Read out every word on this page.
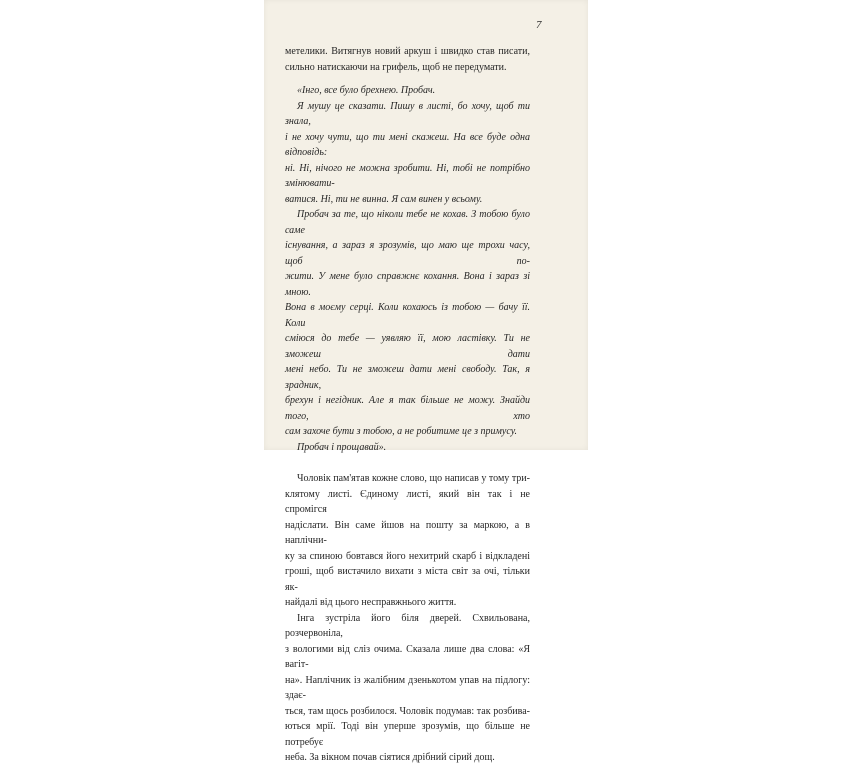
7
метелики. Витягнув новий аркуш і швидко став писати,
сильно натискаючи на грифель, щоб не передумати.
«Інго, все було брехнею. Пробач.
Я мушу це сказати. Пишу в листі, бо хочу, щоб ти знала,
і не хочу чути, що ти мені скажеш. На все буде одна відповідь:
ні. Ні, нічого не можна зробити. Ні, тобі не потрібно змінювати-
ватися. Ні, ти не винна. Я сам винен у всьому.
Пробач за те, що ніколи тебе не кохав. З тобою було саме
існування, а зараз я зрозумів, що маю ще трохи часу, щоб по-
жити. У мене було справжнє кохання. Вона і зараз зі мною.
Вона в моєму серці. Коли кохаюсь із тобою — бачу її. Коли
сміюся до тебе — уявляю її, мою ластівку. Ти не зможеш дати
мені небо. Ти не зможеш дати мені свободу. Так, я зрадник,
брехун і негідник. Але я так більше не можу. Знайди того, хто
сам захоче бути з тобою, а не робитиме це з примусу.
Пробач і прощавай».
Чоловік пам'ятав кожне слово, що написав у тому три-
клятому листі. Єдиному листі, який він так і не спромігся
надіслати. Він саме йшов на пошту за маркою, а в наплічни-
ку за спиною бовтався його нехитрий скарб і відкладені
гроші, щоб вистачило вихати з міста світ за очі, тільки як-
найдалі від цього несправжнього життя.
Інга зустріла його біля дверей. Схвильована, розчервоніла,
з вологими від сліз очима. Сказала лише два слова: «Я вагіт-
на». Наплічник із жалібним дзенькотом упав на підлогу: здає-
ться, там щось розбилося. Чоловік подумав: так розбива-
ються мрії. Тоді він уперше зрозумів, що більше не потребує
неба. За вікном почав сіятися дрібний сірий дощ.
